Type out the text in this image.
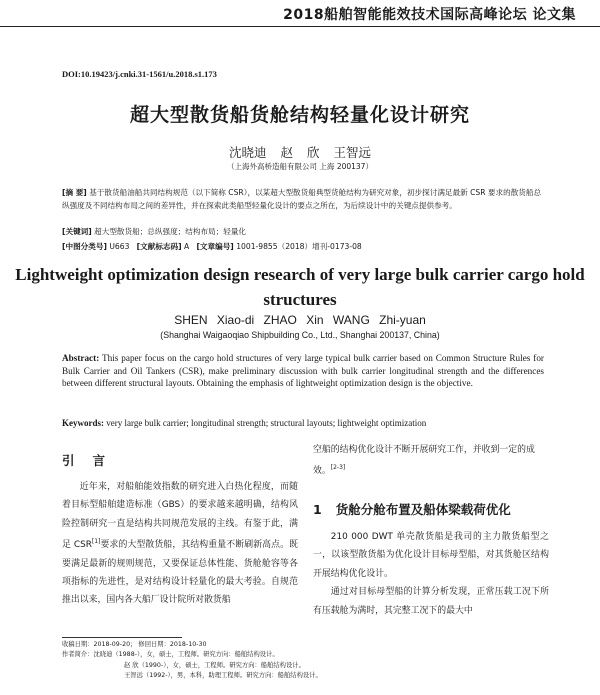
2018船舶智能能效技术国际高峰论坛 论文集
DOI:10.19423/j.cnki.31-1561/u.2018.s1.173
超大型散货船货舱结构轻量化设计研究
沈晓迪 赵 欣 王智远
（上海外高桥造船有限公司 上海 200137）
[摘 要] 基于散货船油船共同结构规范（以下简称 CSR），以某超大型散货船典型货舱结构为研究对象，初步探讨满足最新 CSR 要求的散货船总纵强度及不同结构布局之间的差异性，并在探索此类船型轻量化设计的要点之所在，为后续设计中的关键点提供参考。
[关键词] 超大型散货船；总纵强度；结构布局；轻量化
[中图分类号] U663 [文献标志码] A [文章编号] 1001-9855（2018）增刊-0173-08
Lightweight optimization design research of very large bulk carrier cargo hold structures
SHEN Xiao-di ZHAO Xin WANG Zhi-yuan
(Shanghai Waigaoqiao Shipbuilding Co., Ltd., Shanghai 200137, China)
Abstract: This paper focus on the cargo hold structures of very large typical bulk carrier based on Common Structure Rules for Bulk Carrier and Oil Tankers (CSR), make preliminary discussion with bulk carrier longitudinal strength and the differences between different structural layouts. Obtaining the emphasis of lightweight optimization design is the objective.
Keywords: very large bulk carrier; longitudinal strength; structural layouts; lightweight optimization
引言

近年来，对船舶能效指数的研究进入白热化程度，而随着目标型船舶建造标准（GBS）的要求越来越明确，结构风险控制研究一直是结构共同规范发展的主线。有鉴于此，满足 CSR[1]要求的大型散货船，其结构重量不断刷新高点。既要满足最新的规则规范，又要保证总体性能、货舱舱容等各项指标的先进性，是对结构设计轻量化的最大考验。自规范推出以来，国内各大船厂设计院所对散货船

空船的结构优化设计不断开展研究工作，并收到一定的成效。[2-3]

1 货舱分舱布置及船体梁载荷优化

210 000 DWT 单壳散货船是我司的主力散货船型之一，以该型散货船为优化设计目标母型船，对其货舱区结构开展结构优化设计。

通过对目标母型船的计算分析发现，正常压载工况下所有压载舱为满时，其完整工况下的最大中

收稿日期：2018-09-20； 修回日期：2018-10-30
作者简介：沈晓迪（1988-），女，硕士，工程师。研究方向：船舶结构设计。
赵 欣（1990-），女，硕士，工程师。研究方向：船舶结构设计。
王智远（1992-），男，本科，助理工程师。研究方向：船舶结构设计。
